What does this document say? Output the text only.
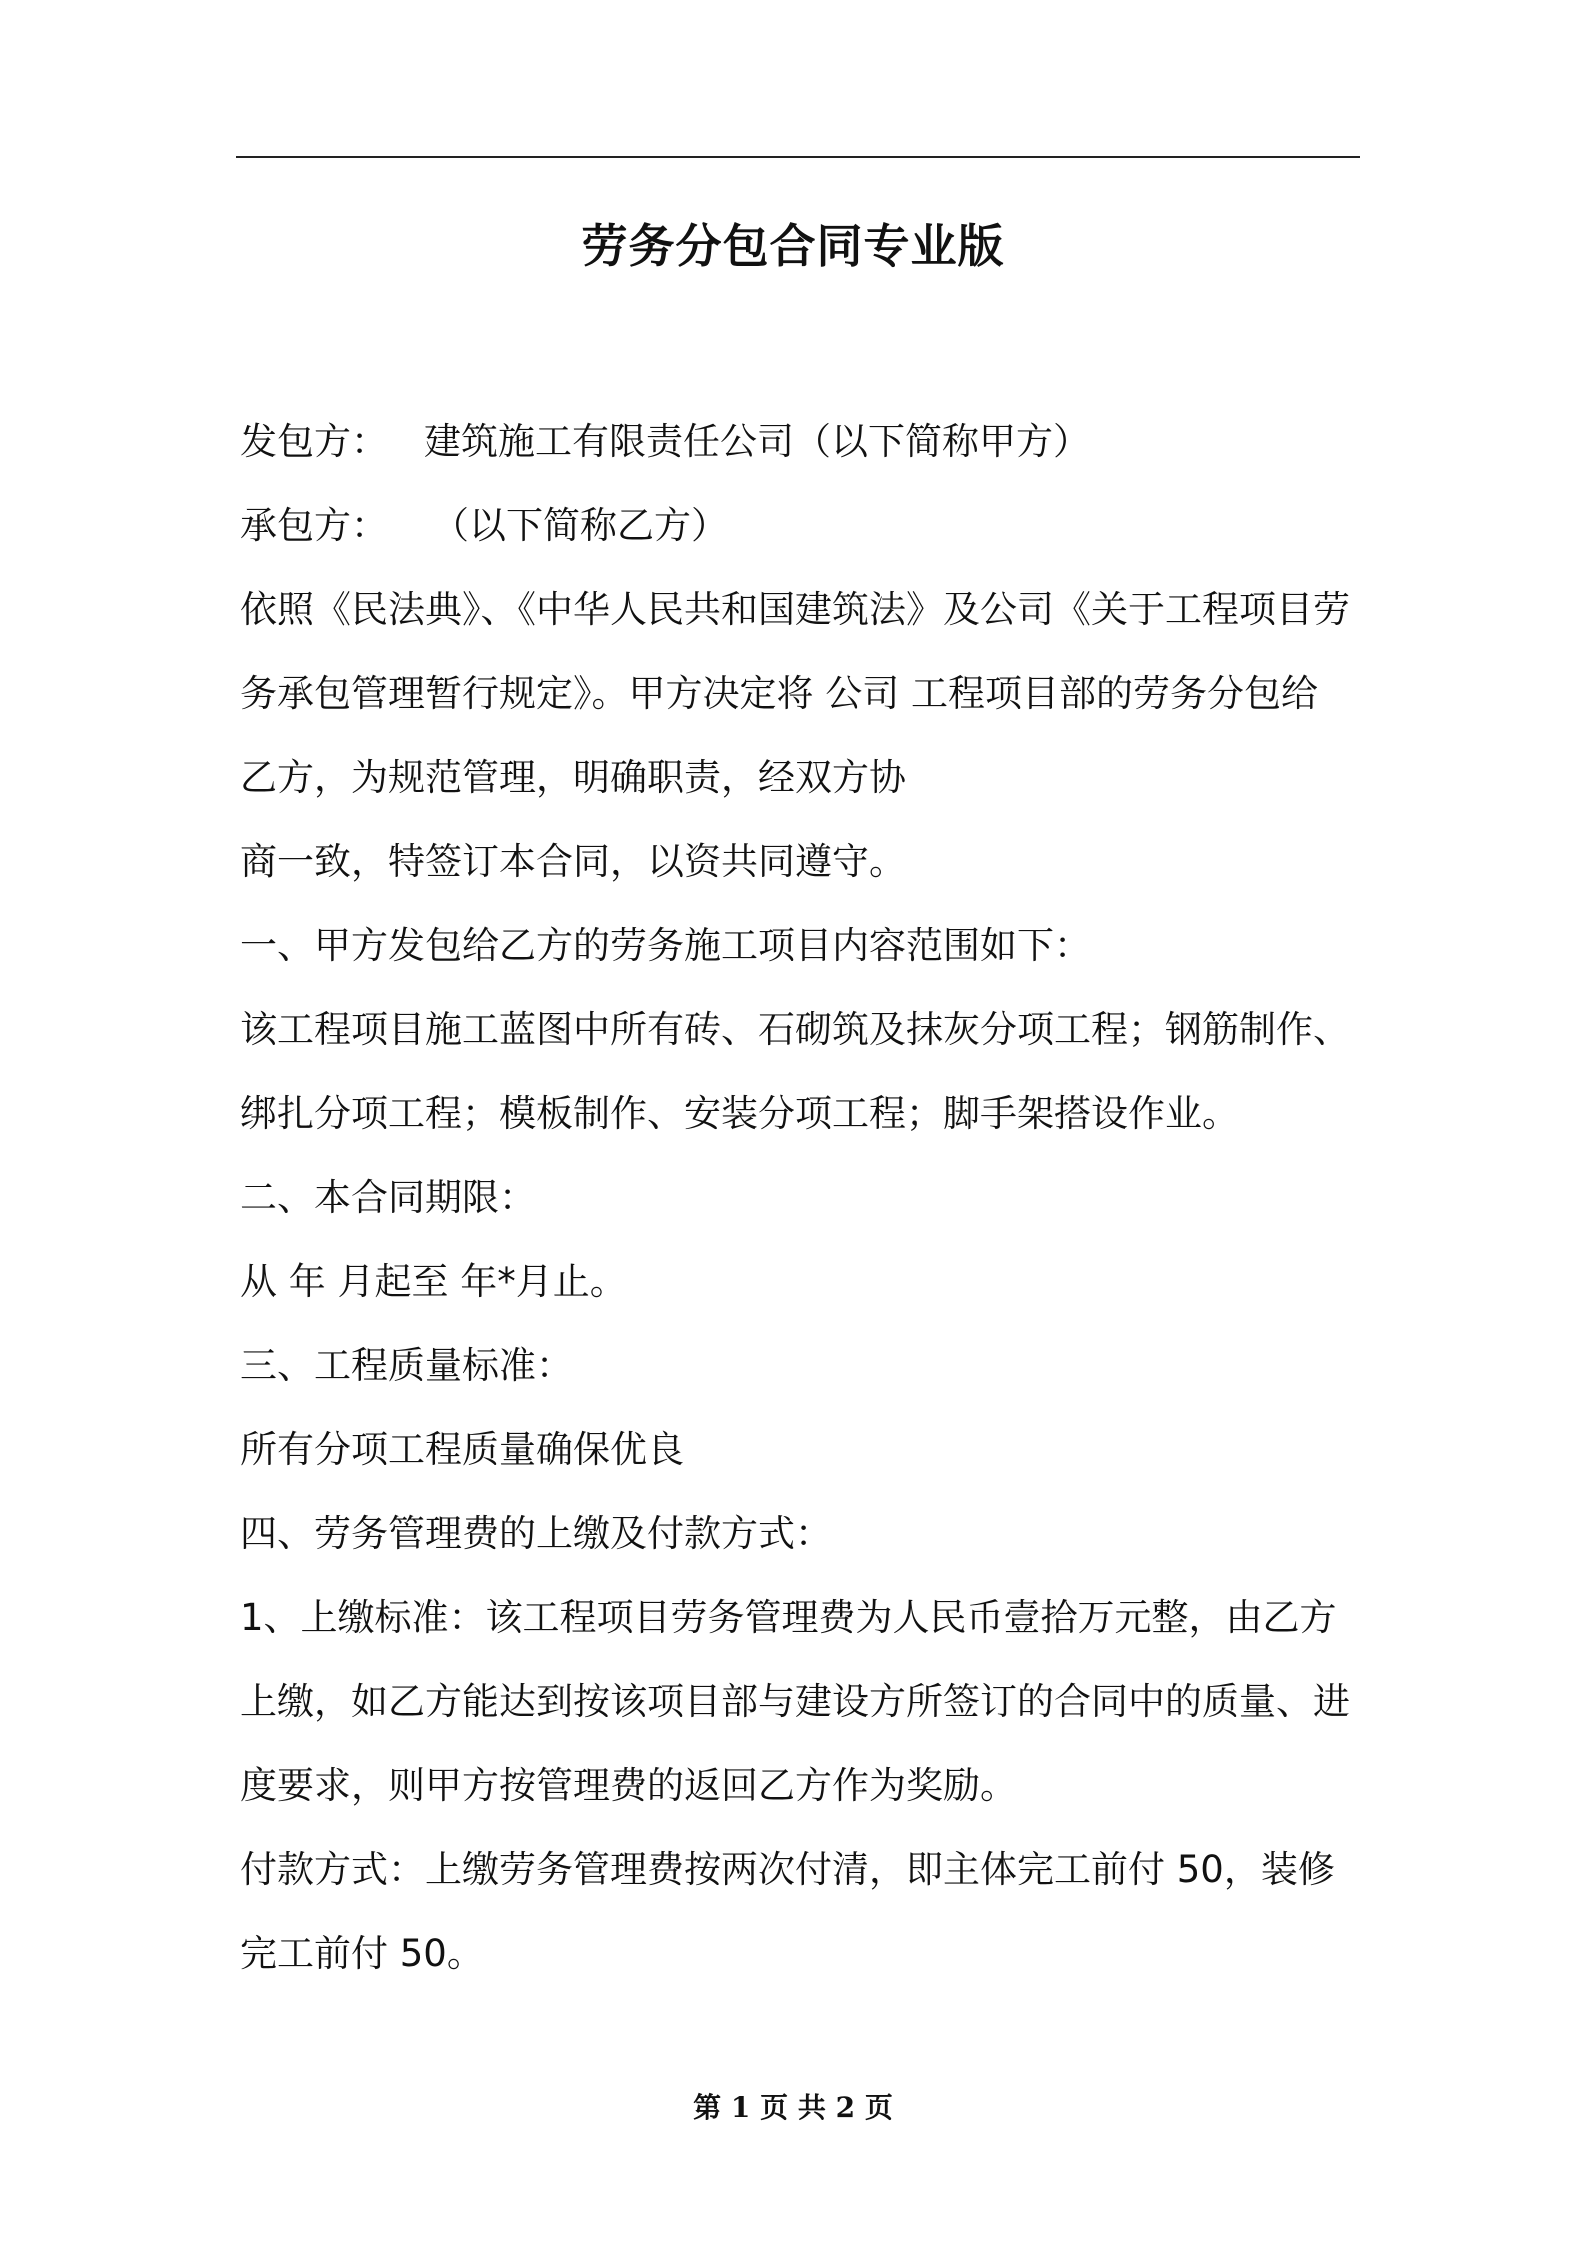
劳务分包合同专业版
发包方： 建筑施工有限责任公司（以下简称甲方）
承包方： （以下简称乙方）
依照《民法典》、《中华人民共和国建筑法》及公司《关于工程项目劳
务承包管理暂行规定》。甲方决定将 公司 工程项目部的劳务分包给
乙方，为规范管理，明确职责，经双方协
商一致，特签订本合同，以资共同遵守。
一、甲方发包给乙方的劳务施工项目内容范围如下：
该工程项目施工蓝图中所有砖、石砌筑及抹灰分项工程；钢筋制作、
绑扎分项工程；模板制作、安装分项工程；脚手架搭设作业。
二、本合同期限：
从 年 月起至 年*月止。
三、工程质量标准：
所有分项工程质量确保优良
四、劳务管理费的上缴及付款方式：
1、上缴标准：该工程项目劳务管理费为人民币壹拾万元整，由乙方
上缴，如乙方能达到按该项目部与建设方所签订的合同中的质量、进
度要求，则甲方按管理费的返回乙方作为奖励。
付款方式：上缴劳务管理费按两次付清，即主体完工前付 50，装修
完工前付 50。
第 1 页 共 2 页
